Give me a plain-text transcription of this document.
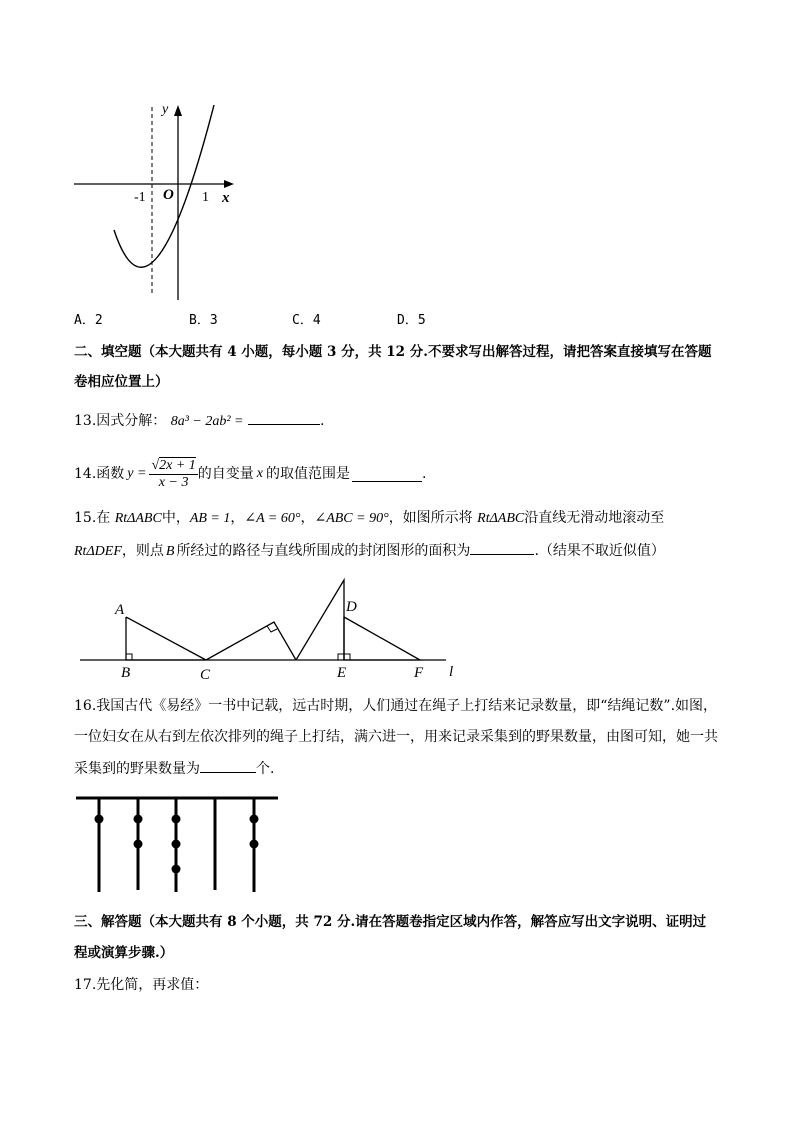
y
x
O
-1	1
A．2	B．3	C．4	D．5
二、填空题（本大题共有 4 小题，每小题 3 分，共 12 分.不要求写出解答过程，请把答案直接填写在答题
卷相应位置上）
13.因式分解： 8a³ − 2ab² =	.
14.函数 $y = \frac{√2x + 1}{x - 3}$ 的自变量 x 的取值范围是	.
15.在 RtΔABC中，AB = 1，∠A = 60°，∠ABC = 90°，如图所示将 RtΔABC沿直线无滑动地滚动至
RtΔDEF，则点 B 所经过的路径与直线所围成的封闭图形的面积为	.（结果不取近似值）
A
B	C
D
E	F l
16.我国古代《易经》一书中记载，远古时期，人们通过在绳子上打结来记录数量，即“结绳记数”.如图，
一位妇女在从右到左依次排列的绳子上打结，满六进一，用来记录采集到的野果数量，由图可知，她一共
采集到的野果数量为	个.
三、解答题（本大题共有 8 个小题，共 72 分.请在答题卷指定区域内作答，解答应写出文字说明、证明过
程或演算步骤.）
17.先化简，再求值：
